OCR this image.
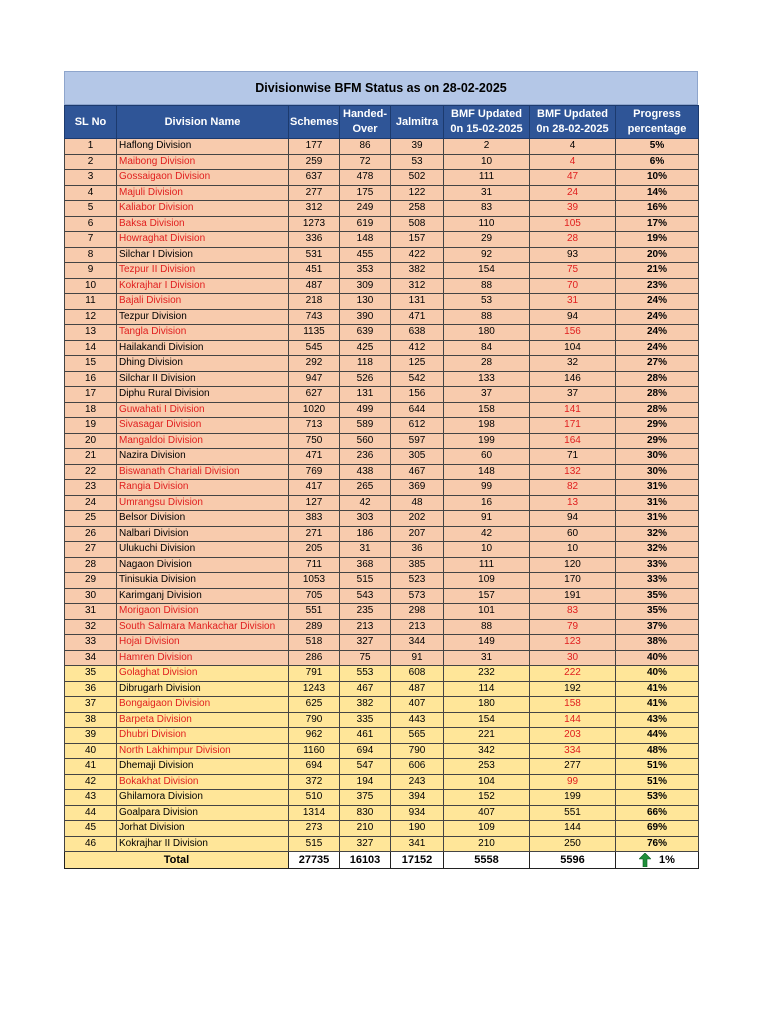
Divisionwise BFM Status as on 28-02-2025
SL No	Division Name	Schemes	Handed-
Over	Jalmitra	BMF Updated
0n 15-02-2025	BMF Updated
0n 28-02-2025	Progress
percentage
1	Haflong Division	177	86	39	2	4	5%
2	Maibong Division	259	72	53	10	4	6%
3	Gossaigaon Division	637	478	502	111	47	10%
4	Majuli Division	277	175	122	31	24	14%
5	Kaliabor Division	312	249	258	83	39	16%
6	Baksa Division	1273	619	508	110	105	17%
7	Howraghat Division	336	148	157	29	28	19%
8	Silchar I Division	531	455	422	92	93	20%
9	Tezpur II Division	451	353	382	154	75	21%
10	Kokrajhar I Division	487	309	312	88	70	23%
11	Bajali Division	218	130	131	53	31	24%
12	Tezpur Division	743	390	471	88	94	24%
13	Tangla Division	1135	639	638	180	156	24%
14	Hailakandi Division	545	425	412	84	104	24%
15	Dhing Division	292	118	125	28	32	27%
16	Silchar II Division	947	526	542	133	146	28%
17	Diphu Rural Division	627	131	156	37	37	28%
18	Guwahati I Division	1020	499	644	158	141	28%
19	Sivasagar Division	713	589	612	198	171	29%
20	Mangaldoi Division	750	560	597	199	164	29%
21	Nazira Division	471	236	305	60	71	30%
22	Biswanath Chariali Division	769	438	467	148	132	30%
23	Rangia Division	417	265	369	99	82	31%
24	Umrangsu Division	127	42	48	16	13	31%
25	Belsor Division	383	303	202	91	94	31%
26	Nalbari Division	271	186	207	42	60	32%
27	Ulukuchi Division	205	31	36	10	10	32%
28	Nagaon Division	711	368	385	111	120	33%
29	Tinisukia Division	1053	515	523	109	170	33%
30	Karimganj Division	705	543	573	157	191	35%
31	Morigaon Division	551	235	298	101	83	35%
32	South Salmara Mankachar Division	289	213	213	88	79	37%
33	Hojai Division	518	327	344	149	123	38%
34	Hamren Division	286	75	91	31	30	40%
35	Golaghat Division	791	553	608	232	222	40%
36	Dibrugarh Division	1243	467	487	114	192	41%
37	Bongaigaon Division	625	382	407	180	158	41%
38	Barpeta Division	790	335	443	154	144	43%
39	Dhubri Division	962	461	565	221	203	44%
40	North Lakhimpur Division	1160	694	790	342	334	48%
41	Dhemaji Division	694	547	606	253	277	51%
42	Bokakhat Division	372	194	243	104	99	51%
43	Ghilamora Division	510	375	394	152	199	53%
44	Goalpara Division	1314	830	934	407	551	66%
45	Jorhat Division	273	210	190	109	144	69%
46	Kokrajhar II Division	515	327	341	210	250	76%
Total		27735	16103	17152	5558	5596	1%
